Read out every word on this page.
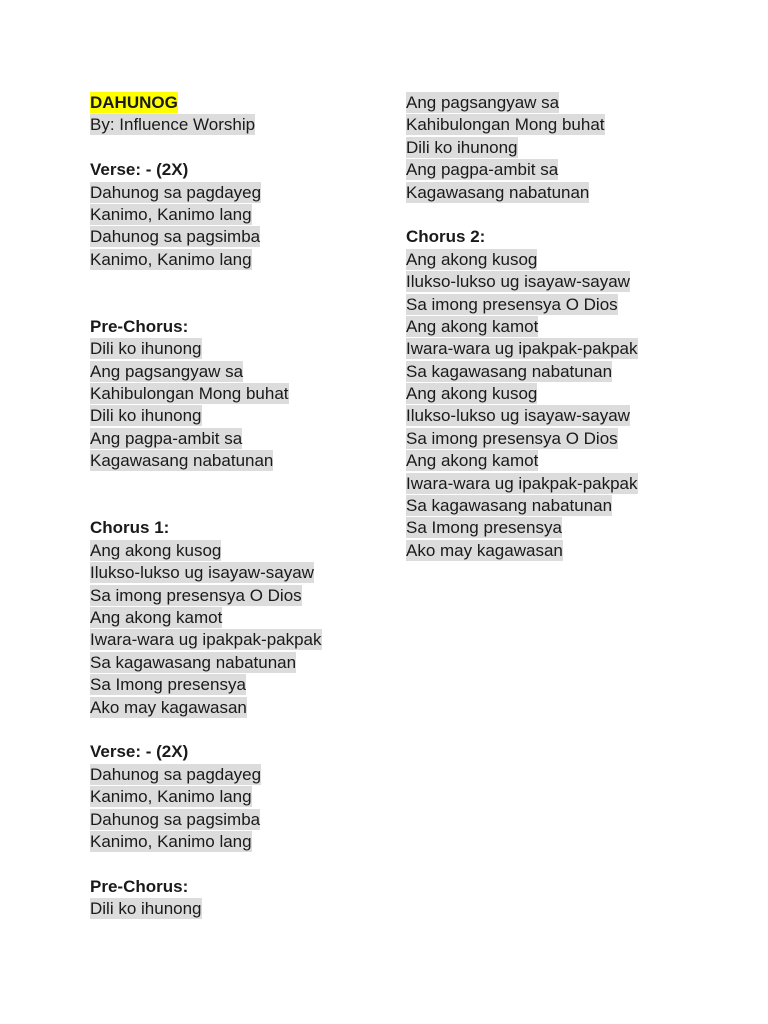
DAHUNOG
By: Influence Worship
Verse: - (2X)
Dahunog sa pagdayeg
Kanimo, Kanimo lang
Dahunog sa pagsimba
Kanimo, Kanimo lang
Pre-Chorus:
Dili ko ihunong
Ang pagsangyaw sa
Kahibulongan Mong buhat
Dili ko ihunong
Ang pagpa-ambit sa
Kagawasang nabatunan
Chorus 1:
Ang akong kusog
Ilukso-lukso ug isayaw-sayaw
Sa imong presensya O Dios
Ang akong kamot
Iwara-wara ug ipakpak-pakpak
Sa kagawasang nabatunan
Sa Imong presensya
Ako may kagawasan
Verse: - (2X)
Dahunog sa pagdayeg
Kanimo, Kanimo lang
Dahunog sa pagsimba
Kanimo, Kanimo lang
Pre-Chorus:
Dili ko ihunong
Ang pagsangyaw sa
Kahibulongan Mong buhat
Dili ko ihunong
Ang pagpa-ambit sa
Kagawasang nabatunan
Chorus 2:
Ang akong kusog
Ilukso-lukso ug isayaw-sayaw
Sa imong presensya O Dios
Ang akong kamot
Iwara-wara ug ipakpak-pakpak
Sa kagawasang nabatunan
Ang akong kusog
Ilukso-lukso ug isayaw-sayaw
Sa imong presensya O Dios
Ang akong kamot
Iwara-wara ug ipakpak-pakpak
Sa kagawasang nabatunan
Sa Imong presensya
Ako may kagawasan
